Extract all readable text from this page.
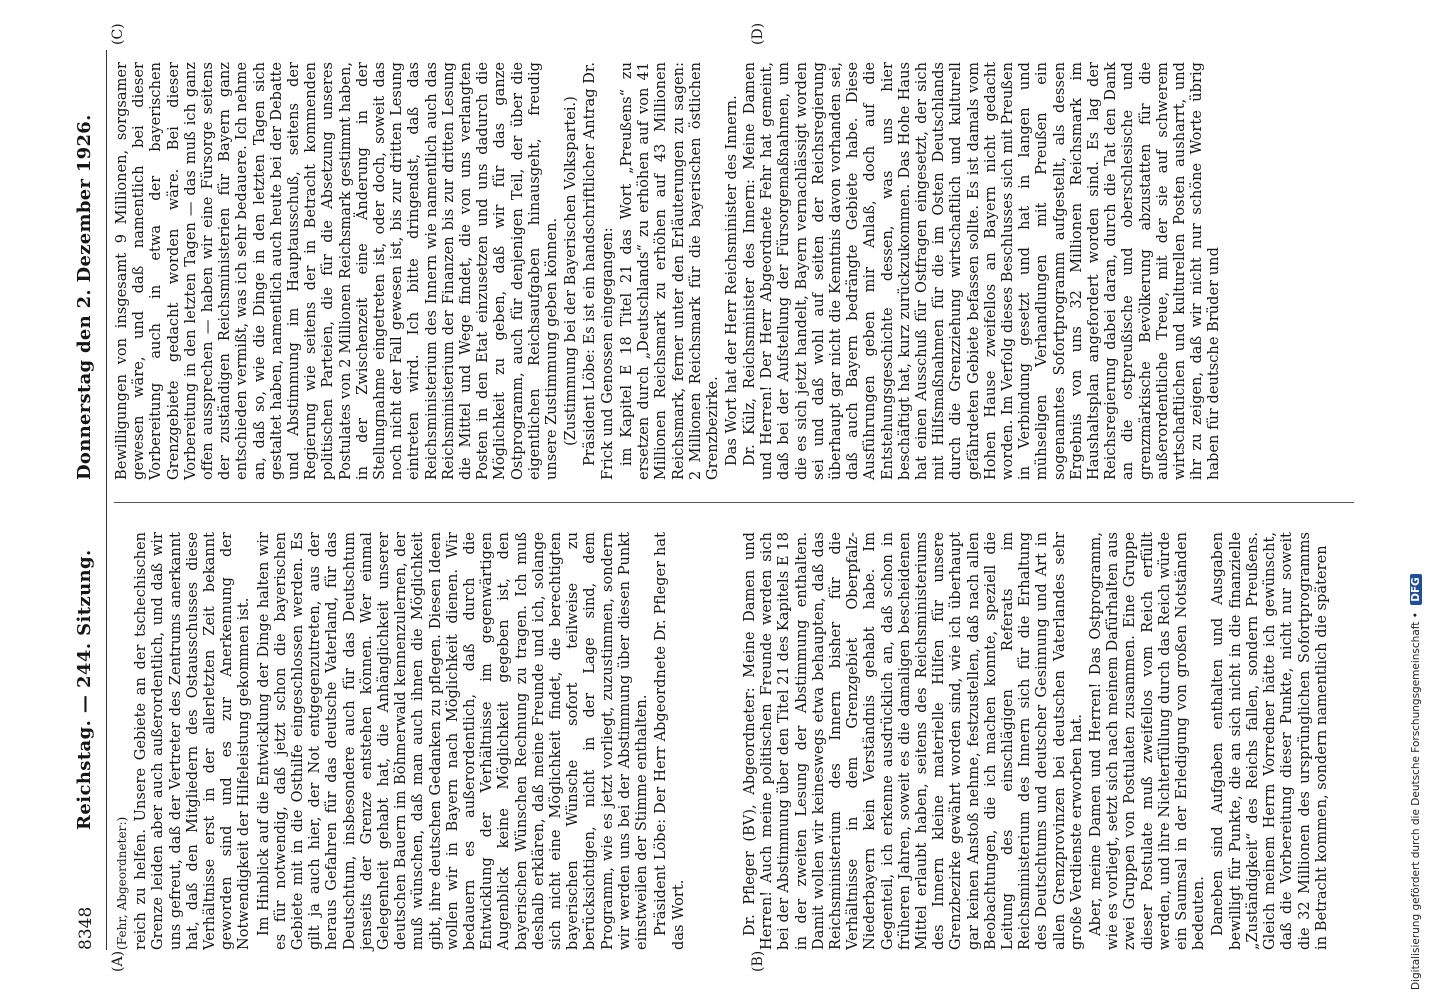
8348
Reichstag. — 244. Sitzung.
Donnerstag den 2. Dezember 1926.

(Fehr, Abgeordneter:) reich zu helfen. Unsere Gebiete an der tschechischen Grenze leiden aber auch außerordentlich, und daß wir uns gefreut, daß der Vertreter des Zentrums anerkannt hat, daß den Mitgliedern des Ostausschusses diese Verhältnisse erst in der allerletzten Zeit bekannt geworden sind und es zur Anerkennung der Notwendigkeit der Hilfeleistung gekommen ist. Im Hinblick auf die Entwicklung der Dinge halten wir es für notwendig, daß jetzt schon die bayerischen Gebiete mit in die Osthilfe eingeschlossen werden. Es gilt ja auch hier, der Not entgegenzutreten, aus der heraus Gefahren für das deutsche Vaterland, für das Deutschtum, insbesondere auch für das Deutschtum jenseits der Grenze entstehen können. Wer einmal Gelegenheit gehabt hat, die Anhänglichkeit unserer deutschen Bauern im Böhmerwald kennenzulernen, der muß wünschen, daß man auch ihnen die Möglichkeit gibt, ihre deutschen Gedanken zu pflegen. Diesen Ideen wollen wir in Bayern nach Möglichkeit dienen. Wir bedauern es außerordentlich, daß durch die Entwicklung der Verhältnisse im gegenwärtigen Augenblick keine Möglichkeit gegeben ist, den bayerischen Wünschen Rechnung zu tragen. Ich muß deshalb erklären, daß meine Freunde und ich, solange sich nicht eine Möglichkeit findet, die berechtigten bayerischen Wünsche sofort teilweise zu berücksichtigen, nicht in der Lage sind, dem Programm, wie es jetzt vorliegt, zuzustimmen, sondern wir werden uns bei der Abstimmung über diesen Punkt einstweilen der Stimme enthalten. Präsident Löbe: Der Herr Abgeordnete Dr. Pfleger hat das Wort.

Bewilligungen von insgesamt 9 Millionen, sorgsamer gewesen wäre, und daß namentlich bei dieser Vorbereitung auch in etwa der bayerischen Grenzgebiete gedacht worden wäre. Bei dieser Vorbereitung in den letzten Tagen — das muß ich ganz offen aussprechen — haben wir eine Fürsorge seitens der zuständigen Reichsministerien für Bayern ganz entschieden vermißt, was ich sehr bedauere. Ich nehme an, daß so, wie die Dinge in den letzten Tagen sich gestaltet haben, namentlich auch heute bei der Debatte und Abstimmung im Hauptausschuß, seitens der Regierung wie seitens der in Betracht kommenden politischen Parteien, die für die Absetzung unseres Postulates von 2 Millionen Reichsmark gestimmt haben, in der Zwischenzeit eine Änderung in der Stellungnahme eingetreten ist, oder doch, soweit das noch nicht der Fall gewesen ist, bis zur dritten Lesung eintreten wird. Ich bitte dringendst, daß das Reichsministerium des Innern wie namentlich auch das Reichsministerium der Finanzen bis zur dritten Lesung die Mittel und Wege findet, die von uns verlangten Posten in den Etat einzusetzen und uns dadurch die Möglichkeit zu geben, daß wir für das ganze Ostprogramm, auch für denjenigen Teil, der über die eigentlichen Reichsaufgaben hinausgeht, freudig unsere Zustimmung geben können. (Zustimmung bei der Bayerischen Volkspartei.) Präsident Löbe: Es ist ein handschriftlicher Antrag Dr. Frick und Genossen eingegangen: im Kapitel E 18 Titel 21 das Wort „Preußens“ zu ersetzen durch „Deutschlands“ zu erhöhen auf von 41 Millionen Reichsmark zu erhöhen auf 43 Millionen Reichsmark, ferner unter den Erläuterungen zu sagen: 2 Millionen Reichsmark für die bayerischen östlichen Grenzbezirke. Das Wort hat der Herr Reichsminister des Innern.

Dr. Pfleger (BV), Abgeordneter: Meine Damen und Herren! Auch meine politischen Freunde werden sich bei der Abstimmung über den Titel 21 des Kapitels E 18 in der zweiten Lesung der Abstimmung enthalten. Damit wollen wir keineswegs etwa behaupten, daß das Reichsministerium des Innern bisher für die Verhältnisse in dem Grenzgebiet Oberpfalz-Niederbayern kein Verständnis gehabt habe. Im Gegenteil, ich erkenne ausdrücklich an, daß schon in früheren Jahren, soweit es die damaligen bescheidenen Mittel erlaubt haben, seitens des Reichsministeriums des Innern kleine materielle Hilfen für unsere Grenzbezirke gewährt worden sind, wie ich überhaupt gar keinen Anstoß nehme, festzustellen, daß nach allen Beobachtungen, die ich machen konnte, speziell die Leitung des einschlägigen Referats im Reichsministerium des Innern sich für die Erhaltung des Deutschtums und deutscher Gesinnung und Art in allen Grenzprovinzen bei deutschen Vaterlandes sehr große Verdienste erworben hat. Aber, meine Damen und Herren! Das Ostprogramm, wie es vorliegt, setzt sich nach meinem Dafürhalten aus zwei Gruppen von Postulaten zusammen. Eine Gruppe dieser Postulate muß zweifellos vom Reich erfüllt werden, und ihre Nichterfüllung durch das Reich würde ein Saumsal in der Erledigung von großen Notständen bedeuten. Daneben sind Aufgaben enthalten und Ausgaben bewilligt für Punkte, die an sich nicht in die finanzielle „Zuständigkeit“ des Reichs fallen, sondern Preußens. Gleich meinem Herrn Vorredner hätte ich gewünscht, daß die Vorbereitung dieser Punkte, nicht nur soweit die 32 Millionen des ursprünglichen Sofortprogramms in Betracht kommen, sondern namentlich die späteren

Dr. Külz, Reichsminister des Innern: Meine Damen und Herren! Der Herr Abgeordnete Fehr hat gemeint, daß bei der Aufstellung der Fürsorgemaßnahmen, um die es sich jetzt handelt, Bayern vernachlässigt worden sei und daß wohl auf seiten der Reichsregierung überhaupt gar nicht die Kenntnis davon vorhanden sei, daß auch Bayern bedrängte Gebiete habe. Diese Ausführungen geben mir Anlaß, doch auf die Entstehungsgeschichte dessen, was uns hier beschäftigt hat, kurz zurückzukommen. Das Hohe Haus hat einen Ausschuß für Ostfragen eingesetzt, der sich mit Hilfsmaßnahmen für die im Osten Deutschlands durch die Grenzziehung wirtschaftlich und kulturell gefährdeten Gebiete befassen sollte. Es ist damals vom Hohen Hause zweifellos an Bayern nicht gedacht worden. Im Verfolg dieses Beschlusses sich mit Preußen in Verbindung gesetzt und hat in langen und mühseligen Verhandlungen mit Preußen ein sogenanntes Sofortprogramm aufgestellt, als dessen Ergebnis von uns 32 Millionen Reichsmark im Haushaltsplan angefordert worden sind. Es lag der Reichsregierung dabei daran, durch die Tat den Dank an die ostpreußische und oberschlesische und grenzmärkische Bevölkerung abzustatten für die außerordentliche Treue, mit der sie auf schwerem wirtschaftlichen und kulturellen Posten ausharrt, und ihr zu zeigen, daß wir nicht nur schöne Worte übrig haben für deutsche Brüder und

(A)	(B)
(C)	(D)
Digitalisierung gefördert durch die Deutsche Forschungsgemeinschaft • DFG
